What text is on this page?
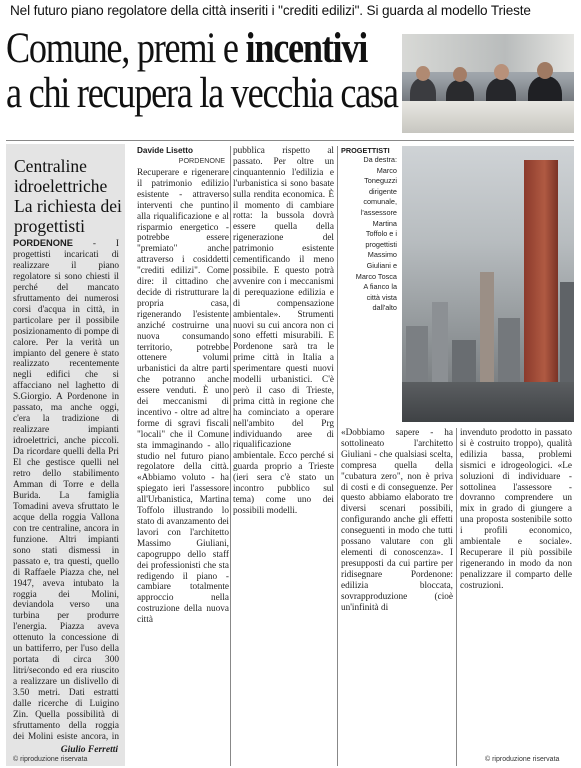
Nel futuro piano regolatore della città inseriti i "crediti edilizi". Si guarda al modello Trieste
Comune, premi e incentivi
a chi recupera la vecchia casa
Centraline idroelettriche La richiesta dei progettisti
PORDENONE - I progettisti incaricati di realizzare il piano regolatore si sono chiesti il perché del mancato sfruttamento dei numerosi corsi d'acqua in città, in particolare per il possibile posizionamento di pompe di calore. Per la verità un impianto del genere è stato realizzato recentemente negli edifici che si affacciano nel laghetto di S.Giorgio. A Pordenone in passato, ma anche oggi, c'era la tradizione di realizzare impianti idroelettrici, anche piccoli. Da ricordare quelli della Pri El che gestisce quelli nel retro dello stabilimento Amman di Torre e della Burida. La famiglia Tomadini aveva sfruttato le acque della roggia Vallona con tre centraline, ancora in funzione. Altri impianti sono stati dismessi in passato e, tra questi, quello di Raffaele Piazza che, nel 1947, aveva intubato la roggia dei Molini, deviandola verso una turbina per produrre l'energia. Piazza aveva ottenuto la concessione di un battiferro, per l'uso della portata di circa 300 litri/secondo ed era riuscito a realizzare un dislivello di 3.50 metri. Dati estratti dalle ricerche di Luigino Zin. Quella possibilità di sfruttamento della roggia dei Molini esiste ancora, in
Giulio Ferretti
© riproduzione riservata
Davide Lisetto
PORDENONE
Recuperare e rigenerare il patrimonio edilizio esistente - attraverso interventi che puntino alla riqualificazione e al risparmio energetico - potrebbe essere "premiato" anche attraverso i cosiddetti "crediti edilizi". Come dire: il cittadino che decide di ristrutturare la propria casa, rigenerando l'esistente anziché costruirne una nuova consumando territorio, potrebbe ottenere volumi urbanistici da altre parti che potranno anche essere venduti. È uno dei meccanismi di incentivo - oltre ad altre forme di sgravi fiscali "locali" che il Comune sta immaginando - allo studio nel futuro piano regolatore della città. «Abbiamo voluto - ha spiegato ieri l'assessore all'Urbanistica, Martina Toffolo illustrando lo stato di avanzamento dei lavori con l'architetto Massimo Giuliani, capogruppo dello staff dei professionisti che sta redigendo il piano - cambiare totalmente approccio nella costruzione della nuova città
pubblica rispetto al passato. Per oltre un cinquantennio l'edilizia e l'urbanistica si sono basate sulla rendita economica. È il momento di cambiare rotta: la bussola dovrà essere quella della rigenerazione del patrimonio esistente cementificando il meno possibile. E questo potrà avvenire con i meccanismi di perequazione edilizia e di compensazione ambientale». Strumenti nuovi su cui ancora non ci sono effetti misurabili. E Pordenone sarà tra le prime città in Italia a sperimentare questi nuovi modelli urbanistici. C'è però il caso di Trieste, prima città in regione che ha cominciato a operare nell'ambito del Prg individuando aree di riqualificazione ambientale. Ecco perché si guarda proprio a Trieste (ieri sera c'è stato un incontro pubblico sul tema) come uno dei possibili modelli.
PROGETTISTI
Da destra:
Marco
Toneguzzi
dirigente
comunale,
l'assessore
Martina
Toffolo e i
progettisti
Massimo
Giuliani e
Marco Tosca
A fianco la
città vista
dall'alto
«Dobbiamo sapere - ha sottolineato l'architetto Giuliani - che qualsiasi scelta, compresa quella della "cubatura zero", non è priva di costi e di conseguenze. Per questo abbiamo elaborato tre diversi scenari possibili, configurando anche gli effetti conseguenti in modo che tutti possano valutare con gli elementi di conoscenza». I presupposti da cui partire per ridisegnare Pordenone: edilizia bloccata, sovrapproduzione (cioè un'infinità di
invenduto prodotto in passato si è costruito troppo), qualità edilizia bassa, problemi sismici e idrogeologici. «Le soluzioni di individuare - sottolinea l'assessore - dovranno comprendere un mix in grado di giungere a una proposta sostenibile sotto i profili economico, ambientale e sociale». Recuperare il più possibile rigenerando in modo da non penalizzare il comparto delle costruzioni.
© riproduzione riservata
